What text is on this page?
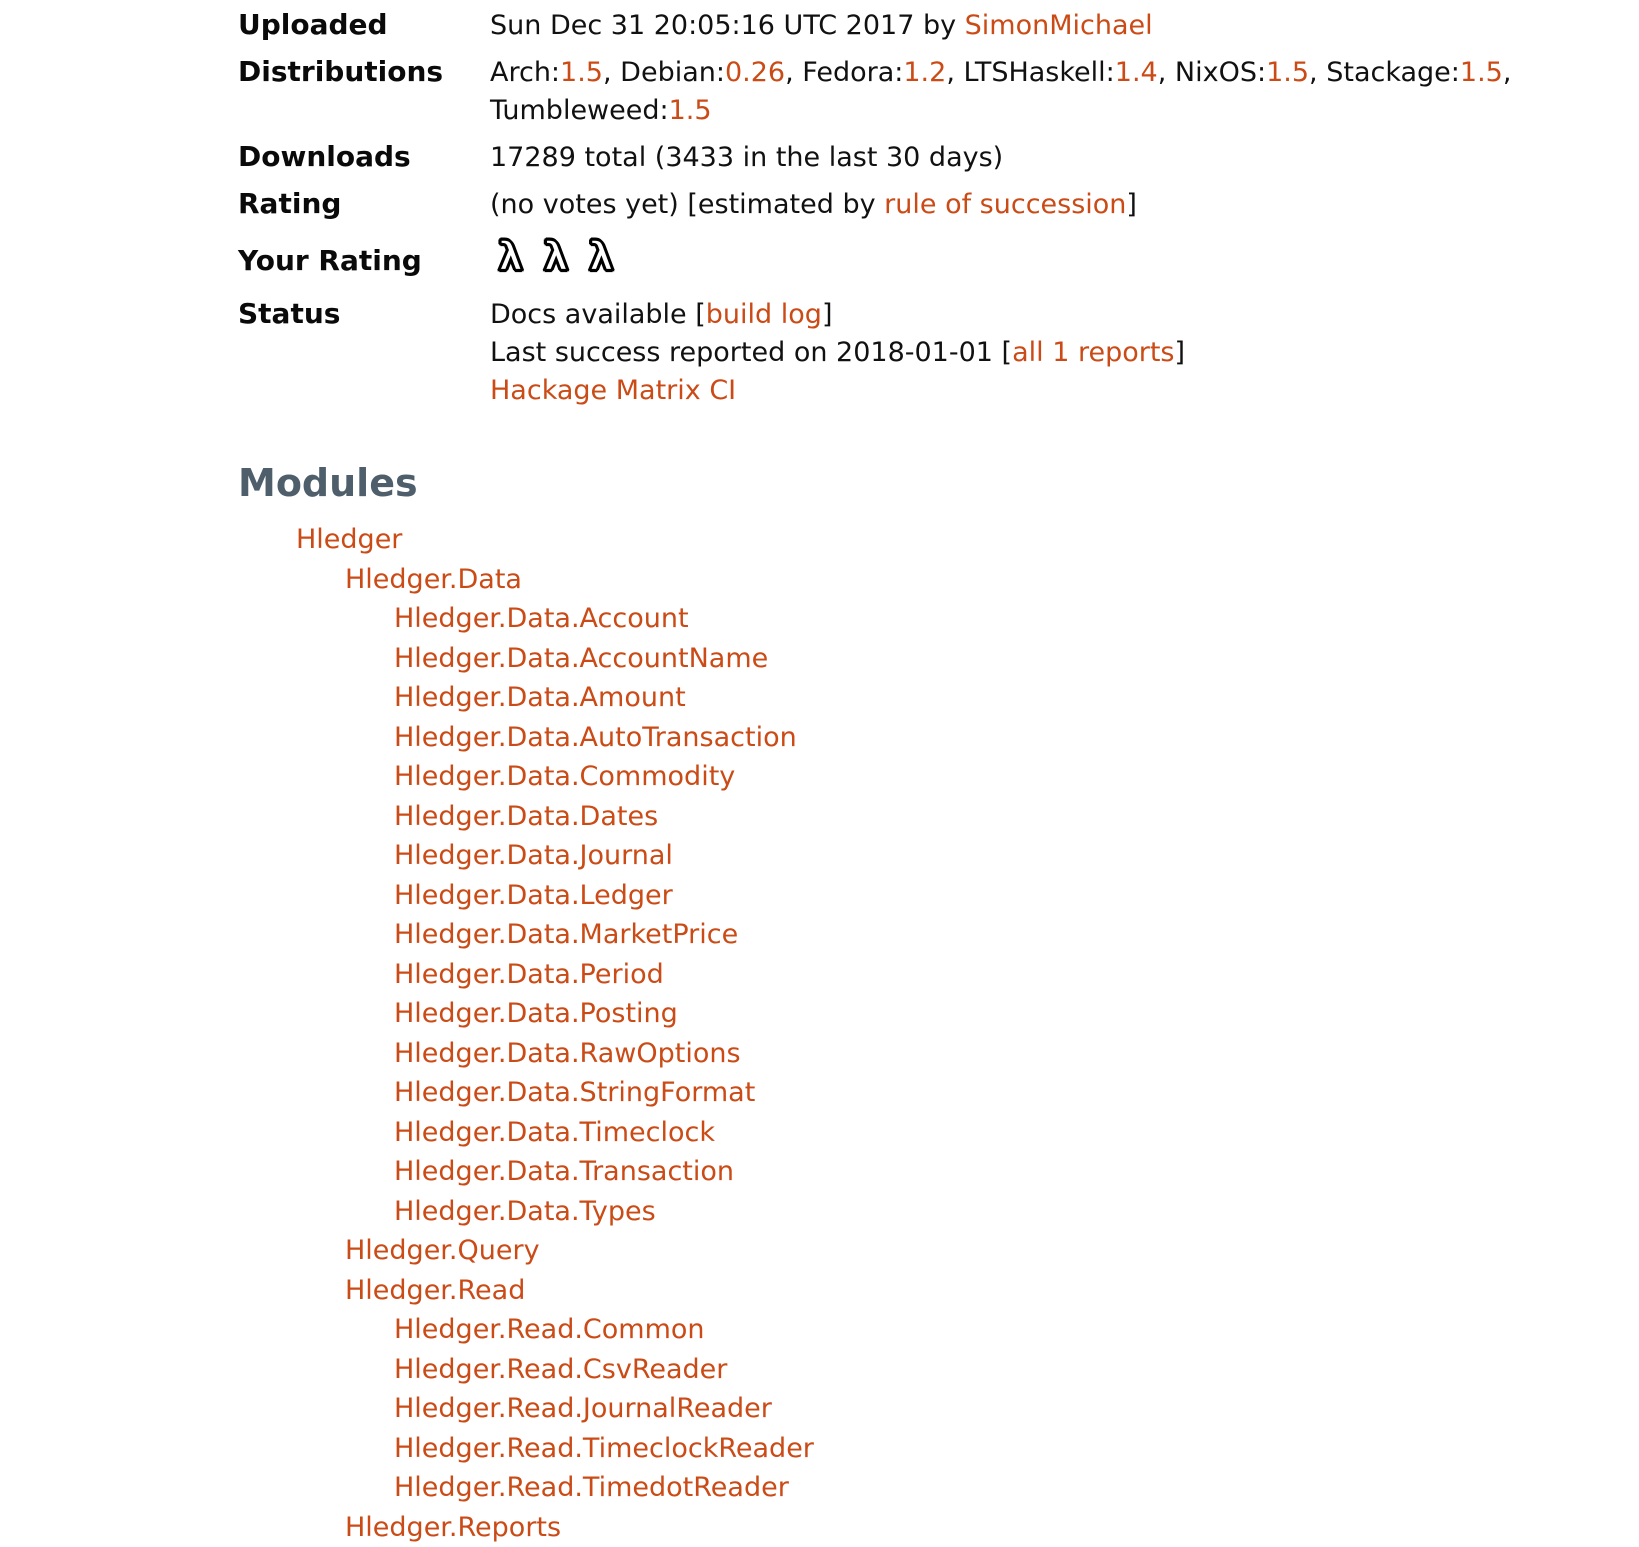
Uploaded	Sun Dec 31 20:05:16 UTC 2017 by SimonMichael

Distributions	Arch:1.5, Debian:0.26, Fedora:1.2, LTSHaskell:1.4, NixOS:1.5, Stackage:1.5, Tumbleweed:1.5

Downloads	17289 total (3433 in the last 30 days)

Rating	(no votes yet) [estimated by rule of succession]

Your Rating	λ λ λ

Status	Docs available [build log]
Last success reported on 2018-01-01 [all 1 reports]
Hackage Matrix CI
Modules
Hledger
Hledger.Data
Hledger.Data.Account
Hledger.Data.AccountName
Hledger.Data.Amount
Hledger.Data.AutoTransaction
Hledger.Data.Commodity
Hledger.Data.Dates
Hledger.Data.Journal
Hledger.Data.Ledger
Hledger.Data.MarketPrice
Hledger.Data.Period
Hledger.Data.Posting
Hledger.Data.RawOptions
Hledger.Data.StringFormat
Hledger.Data.Timeclock
Hledger.Data.Transaction
Hledger.Data.Types
Hledger.Query
Hledger.Read
Hledger.Read.Common
Hledger.Read.CsvReader
Hledger.Read.JournalReader
Hledger.Read.TimeclockReader
Hledger.Read.TimedotReader
Hledger.Reports
